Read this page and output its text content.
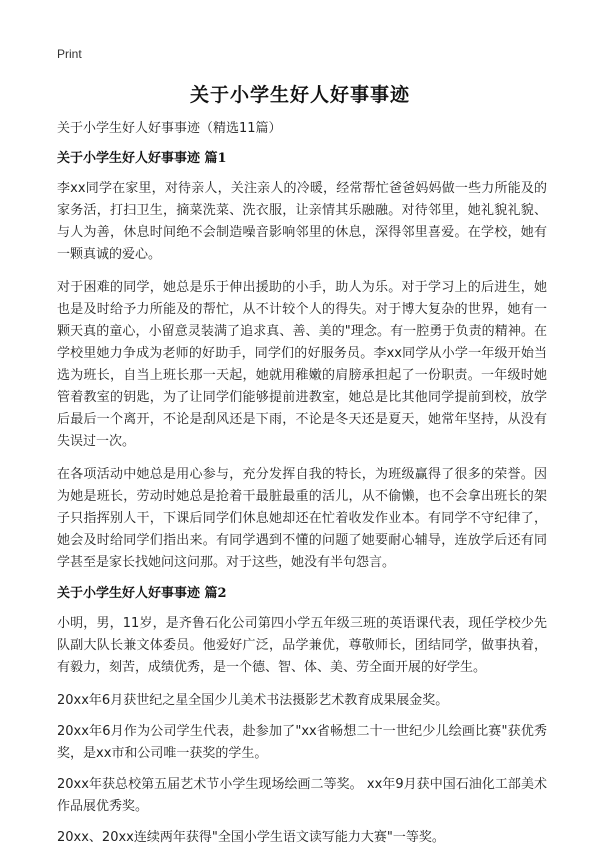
Print
关于小学生好人好事事迹

关于小学生好人好事事迹（精选11篇）

关于小学生好人好事事迹 篇1

李xx同学在家里，对待亲人，关注亲人的冷暖，经常帮忙爸爸妈妈做一些力所能及的家务活，打扫卫生，摘菜洗菜、洗衣服，让亲情其乐融融。对待邻里，她礼貌礼貌、与人为善，休息时间绝不会制造噪音影响邻里的休息，深得邻里喜爱。在学校，她有一颗真诚的爱心。

对于困难的同学，她总是乐于伸出援助的小手，助人为乐。对于学习上的后进生，她也是及时给予力所能及的帮忙，从不计较个人的得失。对于博大复杂的世界，她有一颗天真的童心，小留意灵装满了追求真、善、美的"理念。有一腔勇于负责的精神。在学校里她力争成为老师的好助手，同学们的好服务员。李xx同学从小学一年级开始当选为班长，自当上班长那一天起，她就用稚嫩的肩膀承担起了一份职责。一年级时她管着教室的钥匙，为了让同学们能够提前进教室，她总是比其他同学提前到校，放学后最后一个离开，不论是刮风还是下雨，不论是冬天还是夏天，她常年坚持，从没有失误过一次。

在各项活动中她总是用心参与，充分发挥自我的特长，为班级赢得了很多的荣誉。因为她是班长，劳动时她总是抢着干最脏最重的活儿，从不偷懒，也不会拿出班长的架子只指挥别人干，下课后同学们休息她却还在忙着收发作业本。有同学不守纪律了，她会及时给同学们指出来。有同学遇到不懂的问题了她要耐心辅导，连放学后还有同学甚至是家长找她问这问那。对于这些，她没有半句怨言。

关于小学生好人好事事迹 篇2

小明，男，11岁，是齐鲁石化公司第四小学五年级三班的英语课代表，现任学校少先队副大队长兼文体委员。他爱好广泛，品学兼优，尊敬师长，团结同学，做事执着，有毅力，刻苦，成绩优秀，是一个德、智、体、美、劳全面开展的好学生。

20xx年6月获世纪之星全国少儿美术书法摄影艺术教育成果展金奖。

20xx年6月作为公司学生代表，赴参加了"xx省畅想二十一世纪少儿绘画比赛"获优秀奖，是xx市和公司唯一获奖的学生。

20xx年获总校第五届艺术节小学生现场绘画二等奖。 xx年9月获中国石油化工部美术作品展优秀奖。

20xx、20xx连续两年获得"全国小学生语文读写能力大赛"一等奖。
